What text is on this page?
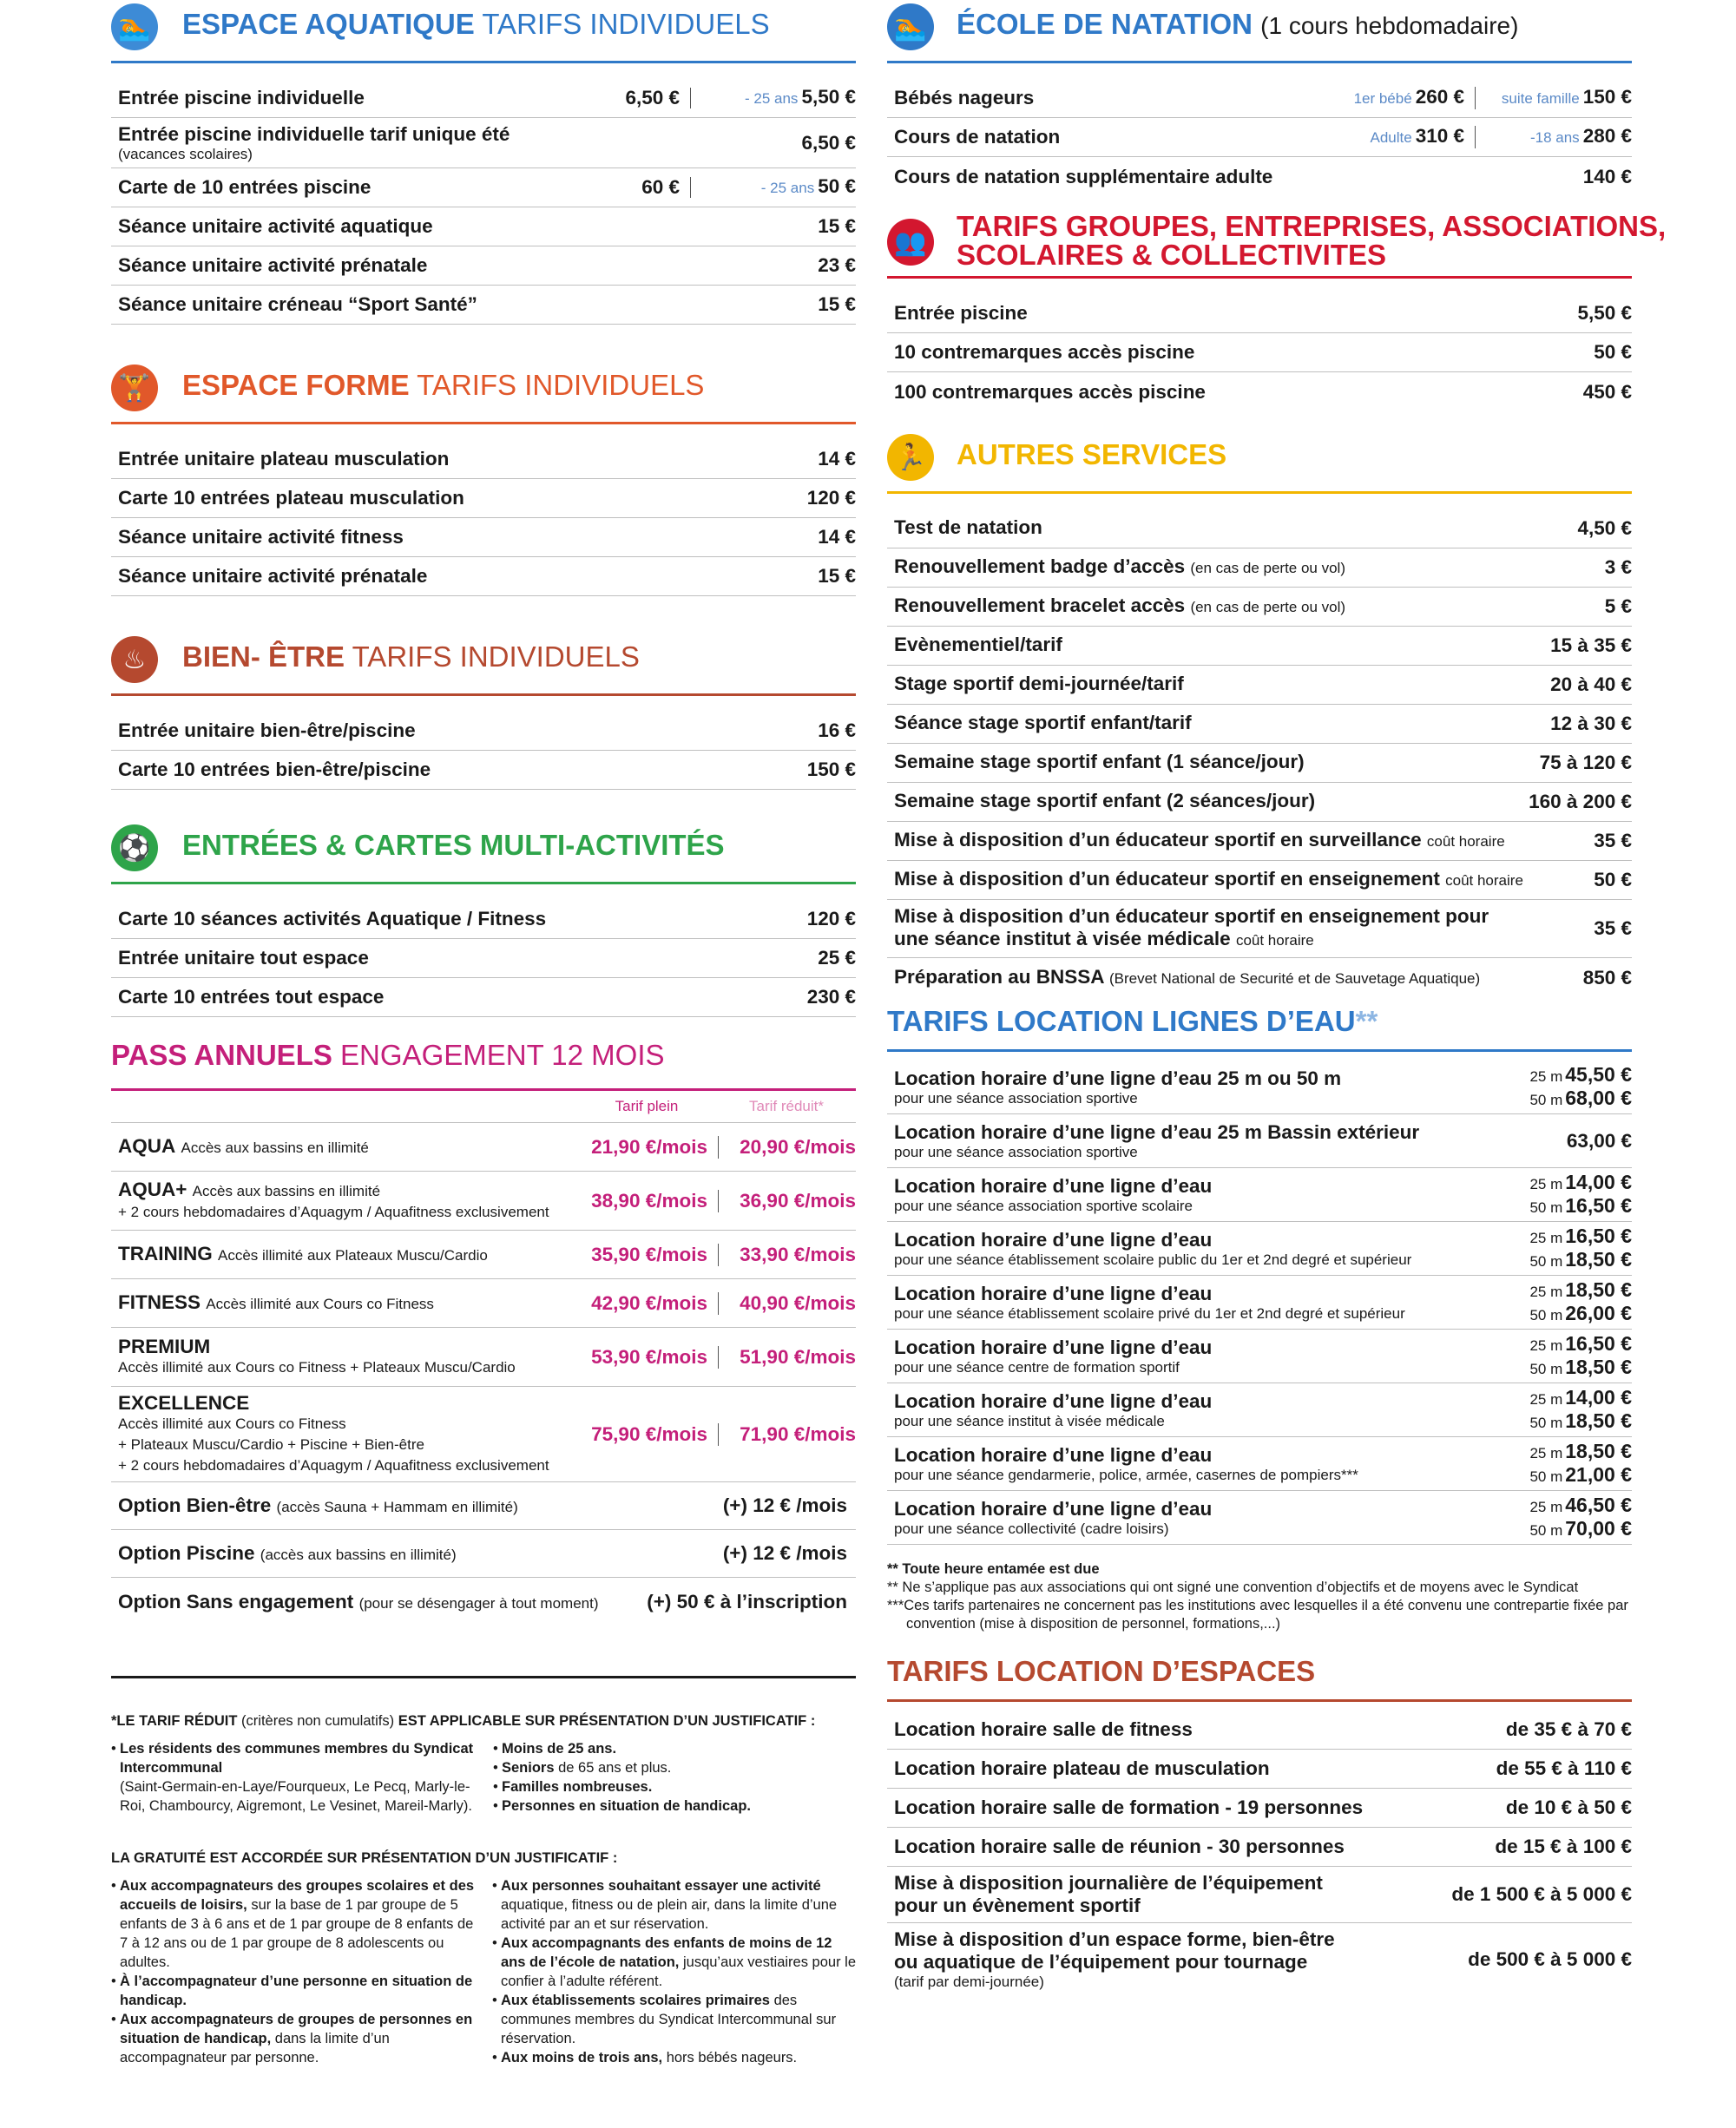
🏊 ESPACE AQUATIQUE TARIFS INDIVIDUELS
Entrée piscine individuelle	6,50 €	- 25 ans 5,50 €
Entrée piscine individuelle tarif unique été
(vacances scolaires)
6,50 €
Carte de 10 entrées piscine	60 €	- 25 ans 50 €
Séance unitaire activité aquatique	15 €
Séance unitaire activité prénatale	23 €
Séance unitaire créneau “Sport Santé”	15 €
🏋 ESPACE FORME TARIFS INDIVIDUELS
Entrée unitaire plateau musculation	14 €
Carte 10 entrées plateau musculation	120 €
Séance unitaire activité fitness	14 €
Séance unitaire activité prénatale	15 €
♨	BIEN- ÊTRE TARIFS INDIVIDUELS
Entrée unitaire bien-être/piscine	16 €
Carte 10 entrées bien-être/piscine	150 €
⚽ ENTRÉES & CARTES MULTI-ACTIVITÉS
Carte 10 séances activités Aquatique / Fitness	120 €
Entrée unitaire tout espace	25 €
Carte 10 entrées tout espace	230 €
PASS ANNUELS ENGAGEMENT 12 MOIS
Tarif plein	Tarif réduit*
AQUA Accès aux bassins en illimité	21,90 €/mois	20,90 €/mois
AQUA+ Accès aux bassins en illimité
+ 2 cours hebdomadaires d’Aquagym / Aquafitness exclusivement
38,90 €/mois	36,90 €/mois
TRAINING Accès illimité aux Plateaux Muscu/Cardio	35,90 €/mois	33,90 €/mois
FITNESS Accès illimité aux Cours co Fitness	42,90 €/mois	40,90 €/mois
PREMIUM
Accès illimité aux Cours co Fitness + Plateaux Muscu/Cardio	53,90 €/mois	51,90 €/mois
EXCELLENCE
Accès illimité aux Cours co Fitness
+ Plateaux Muscu/Cardio + Piscine + Bien-être
+ 2 cours hebdomadaires d’Aquagym / Aquafitness exclusivement
75,90 €/mois	71,90 €/mois
Option Bien-être (accès Sauna + Hammam en illimité)	(+) 12 € /mois
Option Piscine (accès aux bassins en illimité)	(+) 12 € /mois
Option Sans engagement (pour se désengager à tout moment)	(+) 50 € à l’inscription
*LE TARIF RÉDUIT (critères non cumulatifs) EST APPLICABLE SUR PRÉSENTATION D’UN JUSTIFICATIF :
• Les résidents des communes membres du Syndicat Intercommunal
(Saint-Germain-en-Laye/Fourqueux, Le Pecq, Marly-le-Roi, Chambourcy, Aigremont, Le Vesinet, Mareil-Marly).
• Moins de 25 ans.
• Seniors de 65 ans et plus.
• Familles nombreuses.
• Personnes en situation de handicap.
LA GRATUITÉ EST ACCORDÉE SUR PRÉSENTATION D’UN JUSTIFICATIF :
• Aux accompagnateurs des groupes scolaires et des accueils de loisirs, sur la base de 1 par groupe de 5 enfants de 3 à 6 ans et de 1 par groupe de 8 enfants de 7 à 12 ans ou de 1 par groupe de 8 adolescents ou adultes.
• À l’accompagnateur d’une personne en situation de handicap.
• Aux accompagnateurs de groupes de personnes en situation de handicap, dans la limite d’un accompagnateur par personne.
• Aux personnes souhaitant essayer une activité aquatique, fitness ou de plein air, dans la limite d’une activité par an et sur réservation.
• Aux accompagnants des enfants de moins de 12 ans de l’école de natation, jusqu’aux vestiaires pour le confier à l’adulte référent.
• Aux établissements scolaires primaires des communes membres du Syndicat Intercommunal sur réservation.
• Aux moins de trois ans, hors bébés nageurs.
🏊 ÉCOLE DE NATATION (1 cours hebdomadaire)
Bébés nageurs	1er bébé 260 €	suite famille 150 €
Cours de natation	Adulte 310 €	-18 ans 280 €
Cours de natation supplémentaire adulte	140 €
👥 TARIFS GROUPES, ENTREPRISES, ASSOCIATIONS,
SCOLAIRES & COLLECTIVITES
Entrée piscine	5,50 €
10 contremarques accès piscine	50 €
100 contremarques accès piscine	450 €
🏃 AUTRES SERVICES
Test de natation	4,50 €
Renouvellement badge d’accès (en cas de perte ou vol)	3 €
Renouvellement bracelet accès (en cas de perte ou vol)	5 €
Evènementiel/tarif	15 à 35 €
Stage sportif demi-journée/tarif	20 à 40 €
Séance stage sportif enfant/tarif	12 à 30 €
Semaine stage sportif enfant (1 séance/jour)	75 à 120 €
Semaine stage sportif enfant (2 séances/jour)	160 à 200 €
Mise à disposition d’un éducateur sportif en surveillance coût horaire	35 €
Mise à disposition d’un éducateur sportif en enseignement coût horaire	50 €
Mise à disposition d’un éducateur sportif en enseignement pour une séance institut à visée médicale coût horaire
35 €
Préparation au BNSSA (Brevet National de Securité et de Sauvetage Aquatique)	850 €
TARIFS LOCATION LIGNES D’EAU**
Location horaire d’une ligne d’eau 25 m ou 50 m
pour une séance association sportive
25 m 45,50 €
50 m 68,00 €
Location horaire d’une ligne d’eau 25 m Bassin extérieur
pour une séance association sportive
63,00 €
Location horaire d’une ligne d’eau
pour une séance association sportive scolaire
25 m 14,00 €
50 m 16,50 €
Location horaire d’une ligne d’eau
pour une séance établissement scolaire public du 1er et 2nd degré et supérieur
25 m 16,50 €
50 m 18,50 €
Location horaire d’une ligne d’eau
pour une séance établissement scolaire privé du 1er et 2nd degré et supérieur
25 m 18,50 €
50 m 26,00 €
Location horaire d’une ligne d’eau
pour une séance centre de formation sportif
25 m 16,50 €
50 m 18,50 €
Location horaire d’une ligne d’eau
pour une séance institut à visée médicale
25 m 14,00 €
50 m 18,50 €
Location horaire d’une ligne d’eau
pour une séance gendarmerie, police, armée, casernes de pompiers***
25 m 18,50 €
50 m 21,00 €
Location horaire d’une ligne d’eau
pour une séance collectivité (cadre loisirs)
25 m 46,50 €
50 m 70,00 €
** Toute heure entamée est due
** Ne s’applique pas aux associations qui ont signé une convention d’objectifs et de moyens avec le Syndicat
***Ces tarifs partenaires ne concernent pas les institutions avec lesquelles il a été convenu une contrepartie fixée par convention (mise à disposition de personnel, formations,...)
TARIFS LOCATION D’ESPACES
Location horaire salle de fitness	de 35 € à 70 €
Location horaire plateau de musculation	de 55 € à 110 €
Location horaire salle de formation - 19 personnes	de 10 € à 50 €
Location horaire salle de réunion - 30 personnes	de 15 € à 100 €
Mise à disposition journalière de l’équipement pour un évènement sportif
de 1 500 € à 5 000 €
Mise à disposition d’un espace forme, bien-être ou aquatique de l’équipement pour tournage
(tarif par demi-journée)
de 500 € à 5 000 €
